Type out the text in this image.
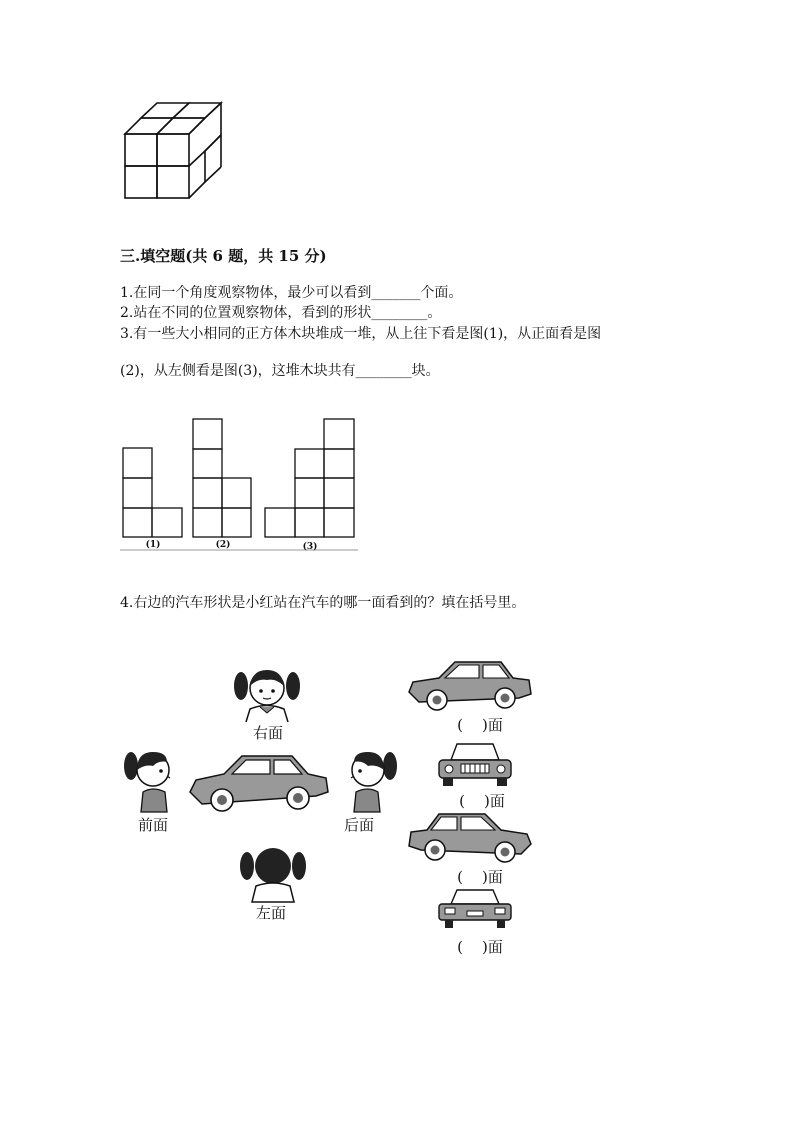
三.填空题(共 6 题，共 15 分)
1.在同一个角度观察物体，最少可以看到_______个面。
2.站在不同的位置观察物体，看到的形状________。
3.有一些大小相同的正方体木块堆成一堆，从上往下看是图(1)，从正面看是图
(2)，从左侧看是图(3)，这堆木块共有________块。
(1)	(2)	(3)
4.右边的汽车形状是小红站在汽车的哪一面看到的？填在括号里。
右面
前面	后面
左面
(    )面
(    )面
(    )面
(    )面
